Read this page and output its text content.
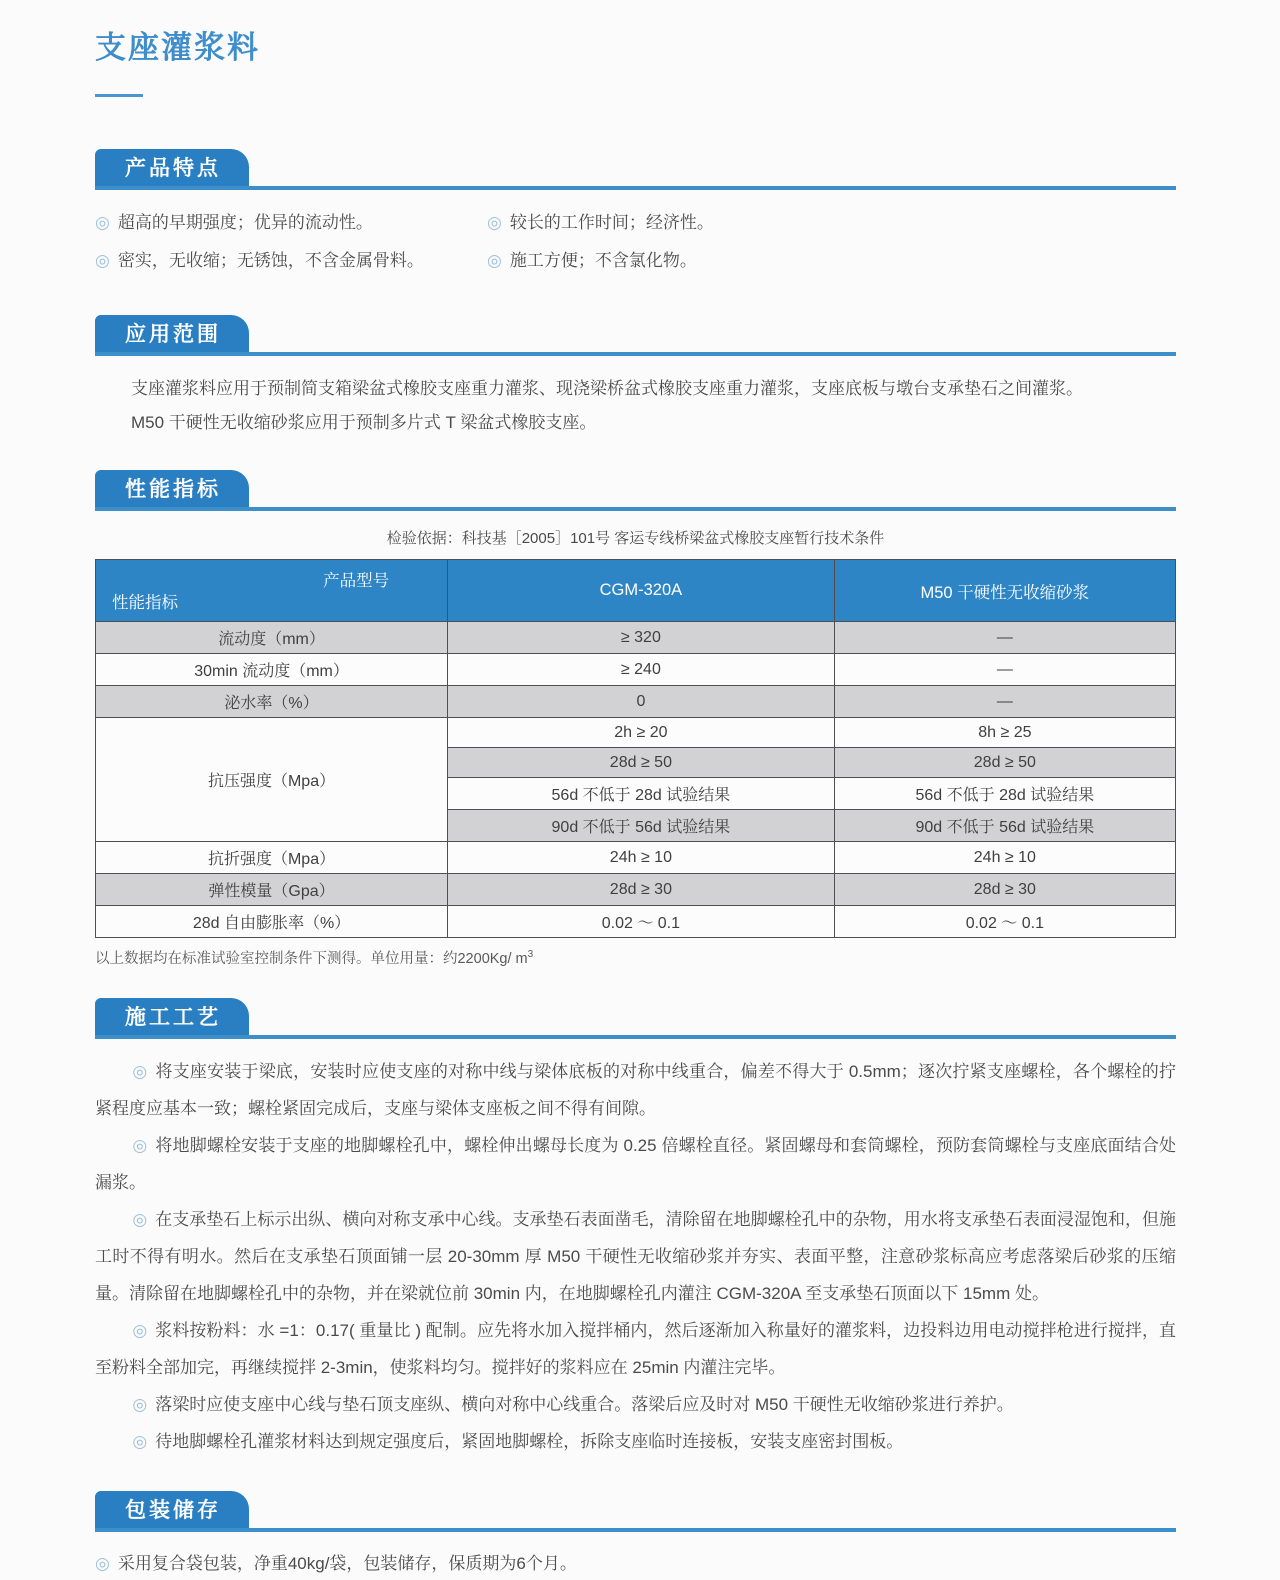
支座灌浆料
产品特点

◎ 超高的早期强度；优异的流动性。	◎ 较长的工作时间；经济性。

◎ 密实，无收缩；无锈蚀，不含金属骨料。	◎ 施工方便；不含氯化物。

应用范围

支座灌浆料应用于预制简支箱梁盆式橡胶支座重力灌浆、现浇梁桥盆式橡胶支座重力灌浆，支座底板与墩台支承垫石之间灌浆。

M50 干硬性无收缩砂浆应用于预制多片式 T 梁盆式橡胶支座。

性能指标
检验依据：科技基［2005］101号 客运专线桥梁盆式橡胶支座暂行技术条件
产品型号
性能指标	CGM-320A	M50 干硬性无收缩砂浆
流动度（mm）	≥ 320	—
30min 流动度（mm）	≥ 240	—
泌水率（%）	0	—
抗压强度（Mpa）	2h ≥ 20	8h ≥ 25
	28d ≥ 50	28d ≥ 50
	56d 不低于 28d 试验结果	56d 不低于 28d 试验结果
	90d 不低于 56d 试验结果	90d 不低于 56d 试验结果
抗折强度（Mpa）	24h ≥ 10	24h ≥ 10
弹性模量（Gpa）	28d ≥ 30	28d ≥ 30
28d 自由膨胀率（%）	0.02 ～ 0.1	0.02 ～ 0.1
以上数据均在标准试验室控制条件下测得。单位用量：约2200Kg/ $m^3$
施工工艺

◎ 将支座安装于梁底，安装时应使支座的对称中线与梁体底板的对称中线重合，偏差不得大于 0.5mm；逐次拧紧支座螺栓，各个螺栓的拧紧程度应基本一致；螺栓紧固完成后，支座与梁体支座板之间不得有间隙。

◎ 将地脚螺栓安装于支座的地脚螺栓孔中，螺栓伸出螺母长度为 0.25 倍螺栓直径。紧固螺母和套筒螺栓，预防套筒螺栓与支座底面结合处漏浆。

◎ 在支承垫石上标示出纵、横向对称支承中心线。支承垫石表面凿毛，清除留在地脚螺栓孔中的杂物，用水将支承垫石表面浸湿饱和，但施工时不得有明水。然后在支承垫石顶面铺一层 20-30mm 厚 M50 干硬性无收缩砂浆并夯实、表面平整，注意砂浆标高应考虑落梁后砂浆的压缩量。清除留在地脚螺栓孔中的杂物，并在梁就位前 30min 内，在地脚螺栓孔内灌注 CGM-320A 至支承垫石顶面以下 15mm 处。

◎ 浆料按粉料：水 =1：0.17( 重量比 ) 配制。应先将水加入搅拌桶内，然后逐渐加入称量好的灌浆料，边投料边用电动搅拌枪进行搅拌，直至粉料全部加完，再继续搅拌 2-3min，使浆料均匀。搅拌好的浆料应在 25min 内灌注完毕。

◎ 落梁时应使支座中心线与垫石顶支座纵、横向对称中心线重合。落梁后应及时对 M50 干硬性无收缩砂浆进行养护。

◎ 待地脚螺栓孔灌浆材料达到规定强度后，紧固地脚螺栓，拆除支座临时连接板，安装支座密封围板。

包装储存

◎ 采用复合袋包装，净重40kg/袋，包装储存，保质期为6个月。
